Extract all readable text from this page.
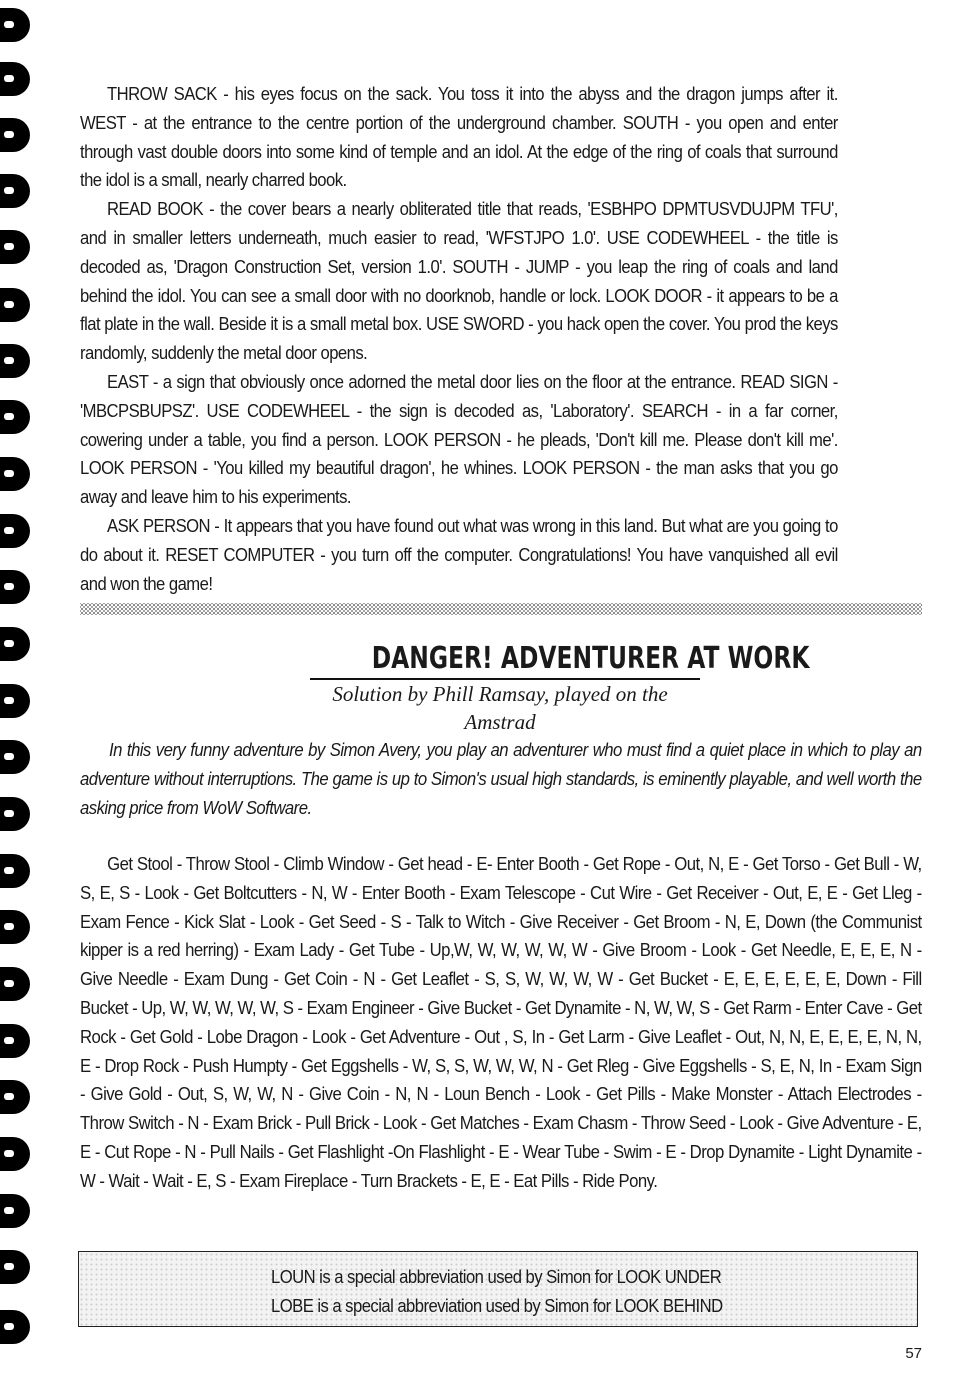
THROW SACK - his eyes focus on the sack. You toss it into the abyss and the dragon jumps after it. WEST - at the entrance to the centre portion of the underground chamber. SOUTH - you open and enter through vast double doors into some kind of temple and an idol. At the edge of the ring of coals that surround the idol is a small, nearly charred book.

READ BOOK - the cover bears a nearly obliterated title that reads, 'ESBHPO DPMTUSVDUJPM TFU', and in smaller letters underneath, much easier to read, 'WFSTJPO 1.0'. USE CODEWHEEL - the title is decoded as, 'Dragon Construction Set, version 1.0'. SOUTH - JUMP - you leap the ring of coals and land behind the idol. You can see a small door with no doorknob, handle or lock. LOOK DOOR - it appears to be a flat plate in the wall. Beside it is a small metal box. USE SWORD - you hack open the cover. You prod the keys randomly, suddenly the metal door opens.

EAST - a sign that obviously once adorned the metal door lies on the floor at the entrance. READ SIGN - 'MBCPSBUPSZ'. USE CODEWHEEL - the sign is decoded as, 'Laboratory'. SEARCH - in a far corner, cowering under a table, you find a person. LOOK PERSON - he pleads, 'Don't kill me. Please don't kill me'. LOOK PERSON - 'You killed my beautiful dragon', he whines. LOOK PERSON - the man asks that you go away and leave him to his experiments.

ASK PERSON - It appears that you have found out what was wrong in this land. But what are you going to do about it. RESET COMPUTER - you turn off the computer. Congratulations! You have vanquished all evil and won the game!

DANGER! ADVENTURER AT WORK
Solution by Phill Ramsay, played on the Amstrad

In this very funny adventure by Simon Avery, you play an adventurer who must find a quiet place in which to play an adventure without interruptions. The game is up to Simon's usual high standards, is eminently playable, and well worth the asking price from WoW Software.

Get Stool - Throw Stool - Climb Window - Get head - E- Enter Booth - Get Rope - Out, N, E - Get Torso - Get Bull - W, S, E, S - Look - Get Boltcutters - N, W - Enter Booth - Exam Telescope - Cut Wire - Get Receiver - Out, E, E - Get Lleg - Exam Fence - Kick Slat - Look - Get Seed - S - Talk to Witch - Give Receiver - Get Broom - N, E, Down (the Communist kipper is a red herring) - Exam Lady - Get Tube - Up,W, W, W, W, W, W - Give Broom - Look - Get Needle, E, E, E, N - Give Needle - Exam Dung - Get Coin - N - Get Leaflet - S, S, W, W, W, W - Get Bucket - E, E, E, E, E, E, Down - Fill Bucket - Up, W, W, W, W, W, S - Exam Engineer - Give Bucket - Get Dynamite - N, W, W, S - Get Rarm - Enter Cave - Get Rock - Get Gold - Lobe Dragon - Look - Get Adventure - Out , S, In - Get Larm - Give Leaflet - Out, N, N, E, E, E, E, N, N, E - Drop Rock - Push Humpty - Get Eggshells - W, S, S, W, W, W, N - Get Rleg - Give Eggshells - S, E, N, In - Exam Sign - Give Gold - Out, S, W, W, N - Give Coin - N, N - Loun Bench - Look - Get Pills - Make Monster - Attach Electrodes - Throw Switch - N - Exam Brick - Pull Brick - Look - Get Matches - Exam Chasm - Throw Seed - Look - Give Adventure - E, E - Cut Rope - N - Pull Nails - Get Flashlight -On Flashlight - E - Wear Tube - Swim - E - Drop Dynamite - Light Dynamite - W - Wait - Wait - E, S - Exam Fireplace - Turn Brackets - E, E - Eat Pills - Ride Pony.

LOUN is a special abbreviation used by Simon for LOOK UNDER
LOBE is a special abbreviation used by Simon for LOOK BEHIND
57
